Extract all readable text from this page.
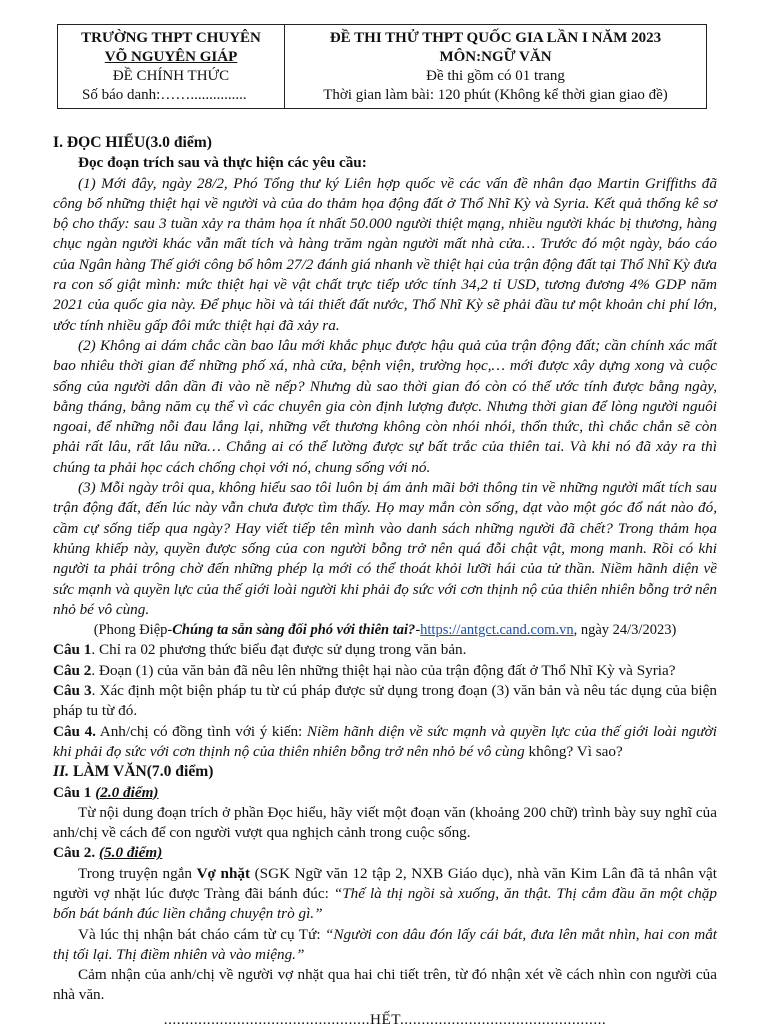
TRƯỜNG THPT CHUYÊN
VÕ NGUYÊN GIÁP
ĐỀ CHÍNH THỨC
Số báo danh:……...............
ĐỀ THI THỬ THPT QUỐC GIA LẦN I NĂM 2023
MÔN:NGỮ VĂN
Đề thi gồm có 01 trang
Thời gian làm bài: 120 phút (Không kể thời gian giao đề)

I. ĐỌC HIỂU(3.0 điểm)

Đọc đoạn trích sau và thực hiện các yêu cầu:

(1) Mới đây, ngày 28/2, Phó Tổng thư ký Liên hợp quốc về các vấn đề nhân đạo Martin Griffiths đã công bố những thiệt hại về người và của do thảm họa động đất ở Thổ Nhĩ Kỳ và Syria. Kết quả thống kê sơ bộ cho thấy: sau 3 tuần xảy ra thảm họa ít nhất 50.000 người thiệt mạng, nhiều người khác bị thương, hàng chục ngàn người khác vẫn mất tích và hàng trăm ngàn người mất nhà cửa… Trước đó một ngày, báo cáo của Ngân hàng Thế giới công bố hôm 27/2 đánh giá nhanh về thiệt hại của trận động đất tại Thổ Nhĩ Kỳ đưa ra con số giật mình: mức thiệt hại về vật chất trực tiếp ước tính 34,2 tỉ USD, tương đương 4% GDP năm 2021 của quốc gia này. Để phục hồi và tái thiết đất nước, Thổ Nhĩ Kỳ sẽ phải đầu tư một khoản chi phí lớn, ước tính nhiều gấp đôi mức thiệt hại đã xảy ra.

(2) Không ai dám chắc cần bao lâu mới khắc phục được hậu quả của trận động đất; cần chính xác mất bao nhiêu thời gian để những phố xá, nhà cửa, bệnh viện, trường học,… mới được xây dựng xong và cuộc sống của người dân dần đi vào nề nếp? Nhưng dù sao thời gian đó còn có thể ước tính được bằng ngày, bằng tháng, bằng năm cụ thể vì các chuyên gia còn định lượng được. Nhưng thời gian để lòng người nguôi ngoai, để những nỗi đau lắng lại, những vết thương không còn nhói nhói, thổn thức, thì chắc chắn sẽ còn phải rất lâu, rất lâu nữa… Chẳng ai có thể lường được sự bất trắc của thiên tai. Và khi nó đã xảy ra thì chúng ta phải học cách chống chọi với nó, chung sống với nó.

(3) Mỗi ngày trôi qua, không hiểu sao tôi luôn bị ám ảnh mãi bởi thông tin về những người mất tích sau trận động đất, đến lúc này vẫn chưa được tìm thấy. Họ may mắn còn sống, dạt vào một góc đổ nát nào đó, cầm cự sống tiếp qua ngày? Hay viết tiếp tên mình vào danh sách những người đã chết? Trong thảm họa khủng khiếp này, quyền được sống của con người bỗng trở nên quá đỗi chật vật, mong manh. Rồi có khi người ta phải trông chờ đến những phép lạ mới có thể thoát khỏi lưỡi hái của tử thần. Niềm hãnh diện về sức mạnh và quyền lực của thế giới loài người khi phải đọ sức với cơn thịnh nộ của thiên nhiên bỗng trở nên nhỏ bé vô cùng.

(Phong Điệp-Chúng ta sẵn sàng đối phó với thiên tai?-https://antgct.cand.com.vn, ngày 24/3/2023)

Câu 1. Chỉ ra 02 phương thức biểu đạt được sử dụng trong văn bản.

Câu 2. Đoạn (1) của văn bản đã nêu lên những thiệt hại nào của trận động đất ở Thổ Nhĩ Kỳ và Syria?

Câu 3. Xác định một biện pháp tu từ cú pháp được sử dụng trong đoạn (3) văn bản và nêu tác dụng của biện pháp tu từ đó.

Câu 4. Anh/chị có đồng tình với ý kiến: Niềm hãnh diện về sức mạnh và quyền lực của thế giới loài người khi phải đọ sức với cơn thịnh nộ của thiên nhiên bỗng trở nên nhỏ bé vô cùng không? Vì sao?

II. LÀM VĂN(7.0 điểm)

Câu 1 (2.0 điểm)

Từ nội dung đoạn trích ở phần Đọc hiểu, hãy viết một đoạn văn (khoảng 200 chữ) trình bày suy nghĩ của anh/chị về cách để con người vượt qua nghịch cảnh trong cuộc sống.

Câu 2. (5.0 điểm)

Trong truyện ngắn Vợ nhặt (SGK Ngữ văn 12 tập 2, NXB Giáo dục), nhà văn Kim Lân đã tả nhân vật người vợ nhặt lúc được Tràng đãi bánh đúc: “Thế là thị ngồi sà xuống, ăn thật. Thị cắm đầu ăn một chặp bốn bát bánh đúc liền chẳng chuyện trò gì.”

Và lúc thị nhận bát cháo cám từ cụ Tứ: “Người con dâu đón lấy cái bát, đưa lên mắt nhìn, hai con mắt thị tối lại. Thị điềm nhiên và vào miệng.”

Cảm nhận của anh/chị về người vợ nhặt qua hai chi tiết trên, từ đó nhận xét về cách nhìn con người của nhà văn.

................................................HẾT................................................
